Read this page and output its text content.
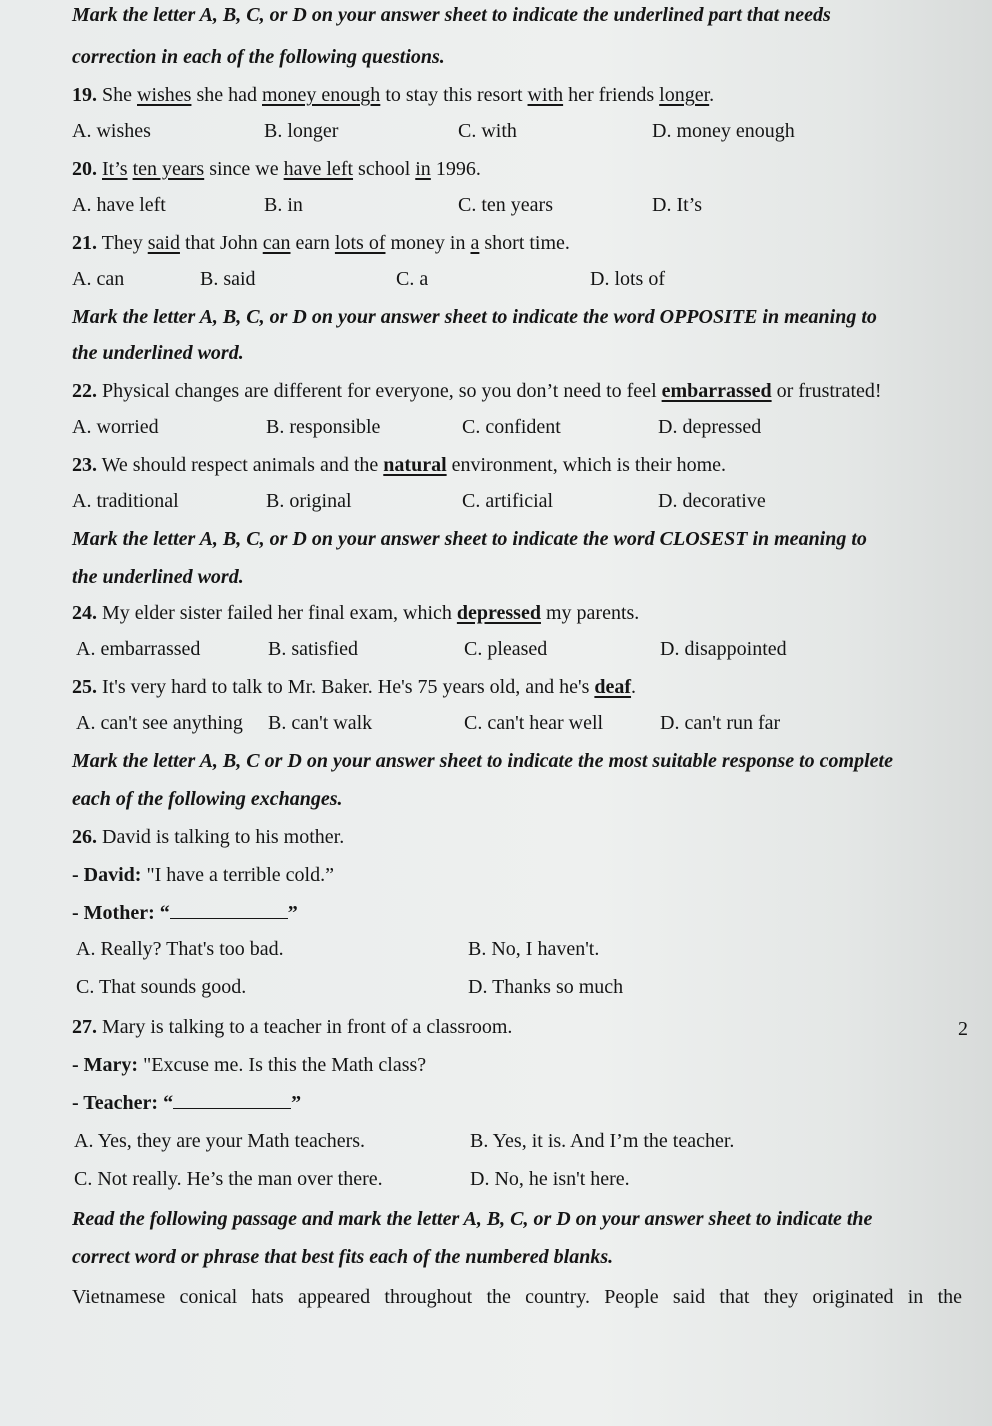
Mark the letter A, B, C, or D on your answer sheet to indicate the underlined part that needs
correction in each of the following questions.
19. She wishes she had money enough to stay this resort with her friends longer.
A. wishes	B. longer	C. with	D. money enough
20. It’s ten years since we have left school in 1996.
A. have left	B. in	C. ten years	D. It’s
21. They said that John can earn lots of money in a short time.
A. can	B. said	C. a	D. lots of
Mark the letter A, B, C, or D on your answer sheet to indicate the word OPPOSITE in meaning to
the underlined word.
22. Physical changes are different for everyone, so you don’t need to feel embarrassed or frustrated!
A. worried	B. responsible	C. confident	D. depressed
23. We should respect animals and the natural environment, which is their home.
A. traditional	B. original	C. artificial	D. decorative
Mark the letter A, B, C, or D on your answer sheet to indicate the word CLOSEST in meaning to
the underlined word.
24. My elder sister failed her final exam, which depressed my parents.
A. embarrassed	B. satisfied	C. pleased	D. disappointed
25. It's very hard to talk to Mr. Baker. He's 75 years old, and he's deaf.
A. can't see anything B. can't walk	C. can't hear well	D. can't run far
Mark the letter A, B, C or D on your answer sheet to indicate the most suitable response to complete
each of the following exchanges.
26. David is talking to his mother.
- David: "I have a terrible cold.”
- Mother: “	”
A. Really? That's too bad.	B. No, I haven't.
C. That sounds good.	D. Thanks so much
27. Mary is talking to a teacher in front of a classroom.
- Mary: "Excuse me. Is this the Math class?
- Teacher: “	”
A. Yes, they are your Math teachers.	B. Yes, it is. And I’m the teacher.
C. Not really. He’s the man over there.	D. No, he isn't here.
Read the following passage and mark the letter A, B, C, or D on your answer sheet to indicate the
correct word or phrase that best fits each of the numbered blanks.
Vietnamese conical hats appeared throughout the country. People said that they originated in the
2
